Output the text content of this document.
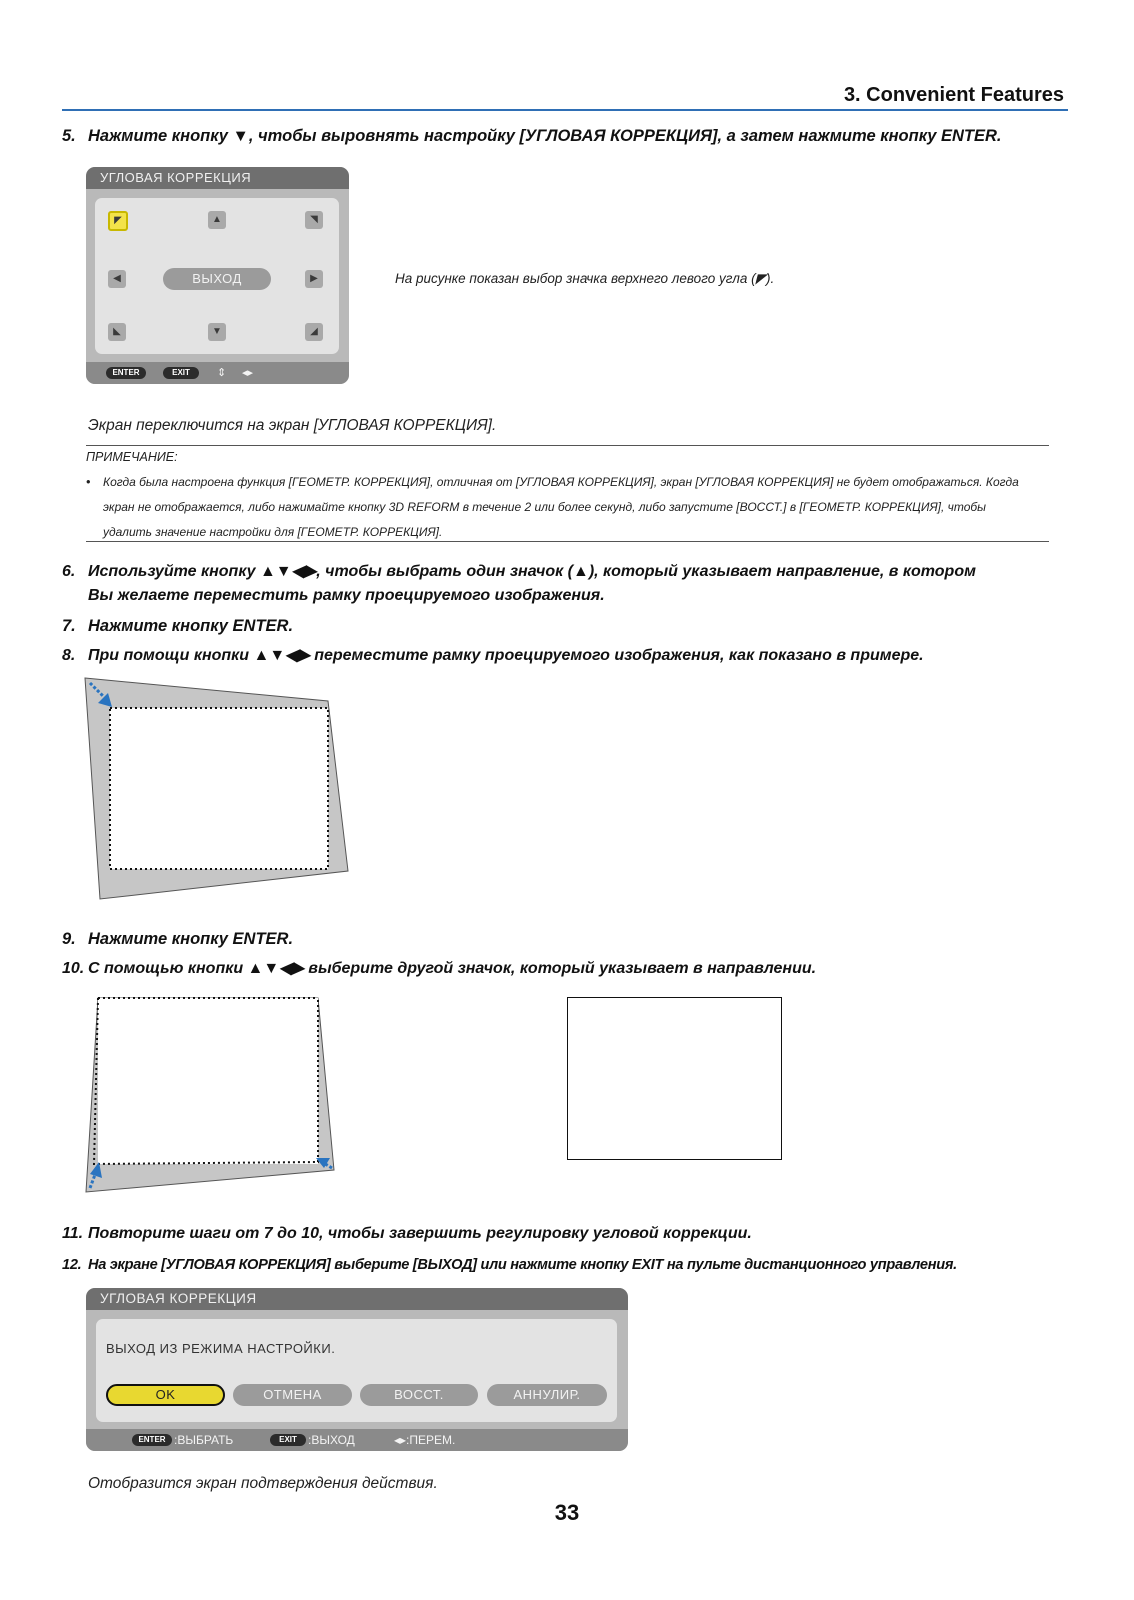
3. Convenient Features
5. Нажмите кнопку ▼, чтобы выровнять настройку [УГЛОВАЯ КОРРЕКЦИЯ], а затем нажмите кнопку ENTER.
УГЛОВАЯ КОРРЕКЦИЯ
◤	▲	◥
◀	ВЫХОД	▶
◣	▼	◢
ENTER	EXIT	⇕ ◂▸
На рисунке показан выбор значка верхнего левого угла (◤).
Экран переключится на экран [УГЛОВАЯ КОРРЕКЦИЯ].
ПРИМЕЧАНИЕ:
•	Когда была настроена функция [ГЕОМЕТР. КОРРЕКЦИЯ], отличная от [УГЛОВАЯ КОРРЕКЦИЯ], экран [УГЛОВАЯ КОРРЕКЦИЯ] не будет отображаться. Когда
экран не отображается, либо нажимайте кнопку 3D REFORM в течение 2 или более секунд, либо запустите [ВОССТ.] в [ГЕОМЕТР. КОРРЕКЦИЯ], чтобы
удалить значение настройки для [ГЕОМЕТР. КОРРЕКЦИЯ].
6. Используйте кнопку ▲▼◀▶, чтобы выбрать один значок (▲), который указывает направление, в котором
Вы желаете переместить рамку проецируемого изображения.
7. Нажмите кнопку ENTER.
8. При помощи кнопки ▲▼◀▶ переместите рамку проецируемого изображения, как показано в примере.
9. Нажмите кнопку ENTER.
10. С помощью кнопки ▲▼◀▶ выберите другой значок, который указывает в направлении.
11. Повторите шаги от 7 до 10, чтобы завершить регулировку угловой коррекции.
12. На экране [УГЛОВАЯ КОРРЕКЦИЯ] выберите [ВЫХОД] или нажмите кнопку EXIT на пульте дистанционного управления.
УГЛОВАЯ КОРРЕКЦИЯ
ВЫХОД ИЗ РЕЖИМА НАСТРОЙКИ.
OK	ОТМЕНА	ВОССТ.	АННУЛИР.
ENTER :ВЫБРАТЬ	EXIT :ВЫХОД	◂▸:ПЕРЕМ.
Отобразится экран подтверждения действия.
33
